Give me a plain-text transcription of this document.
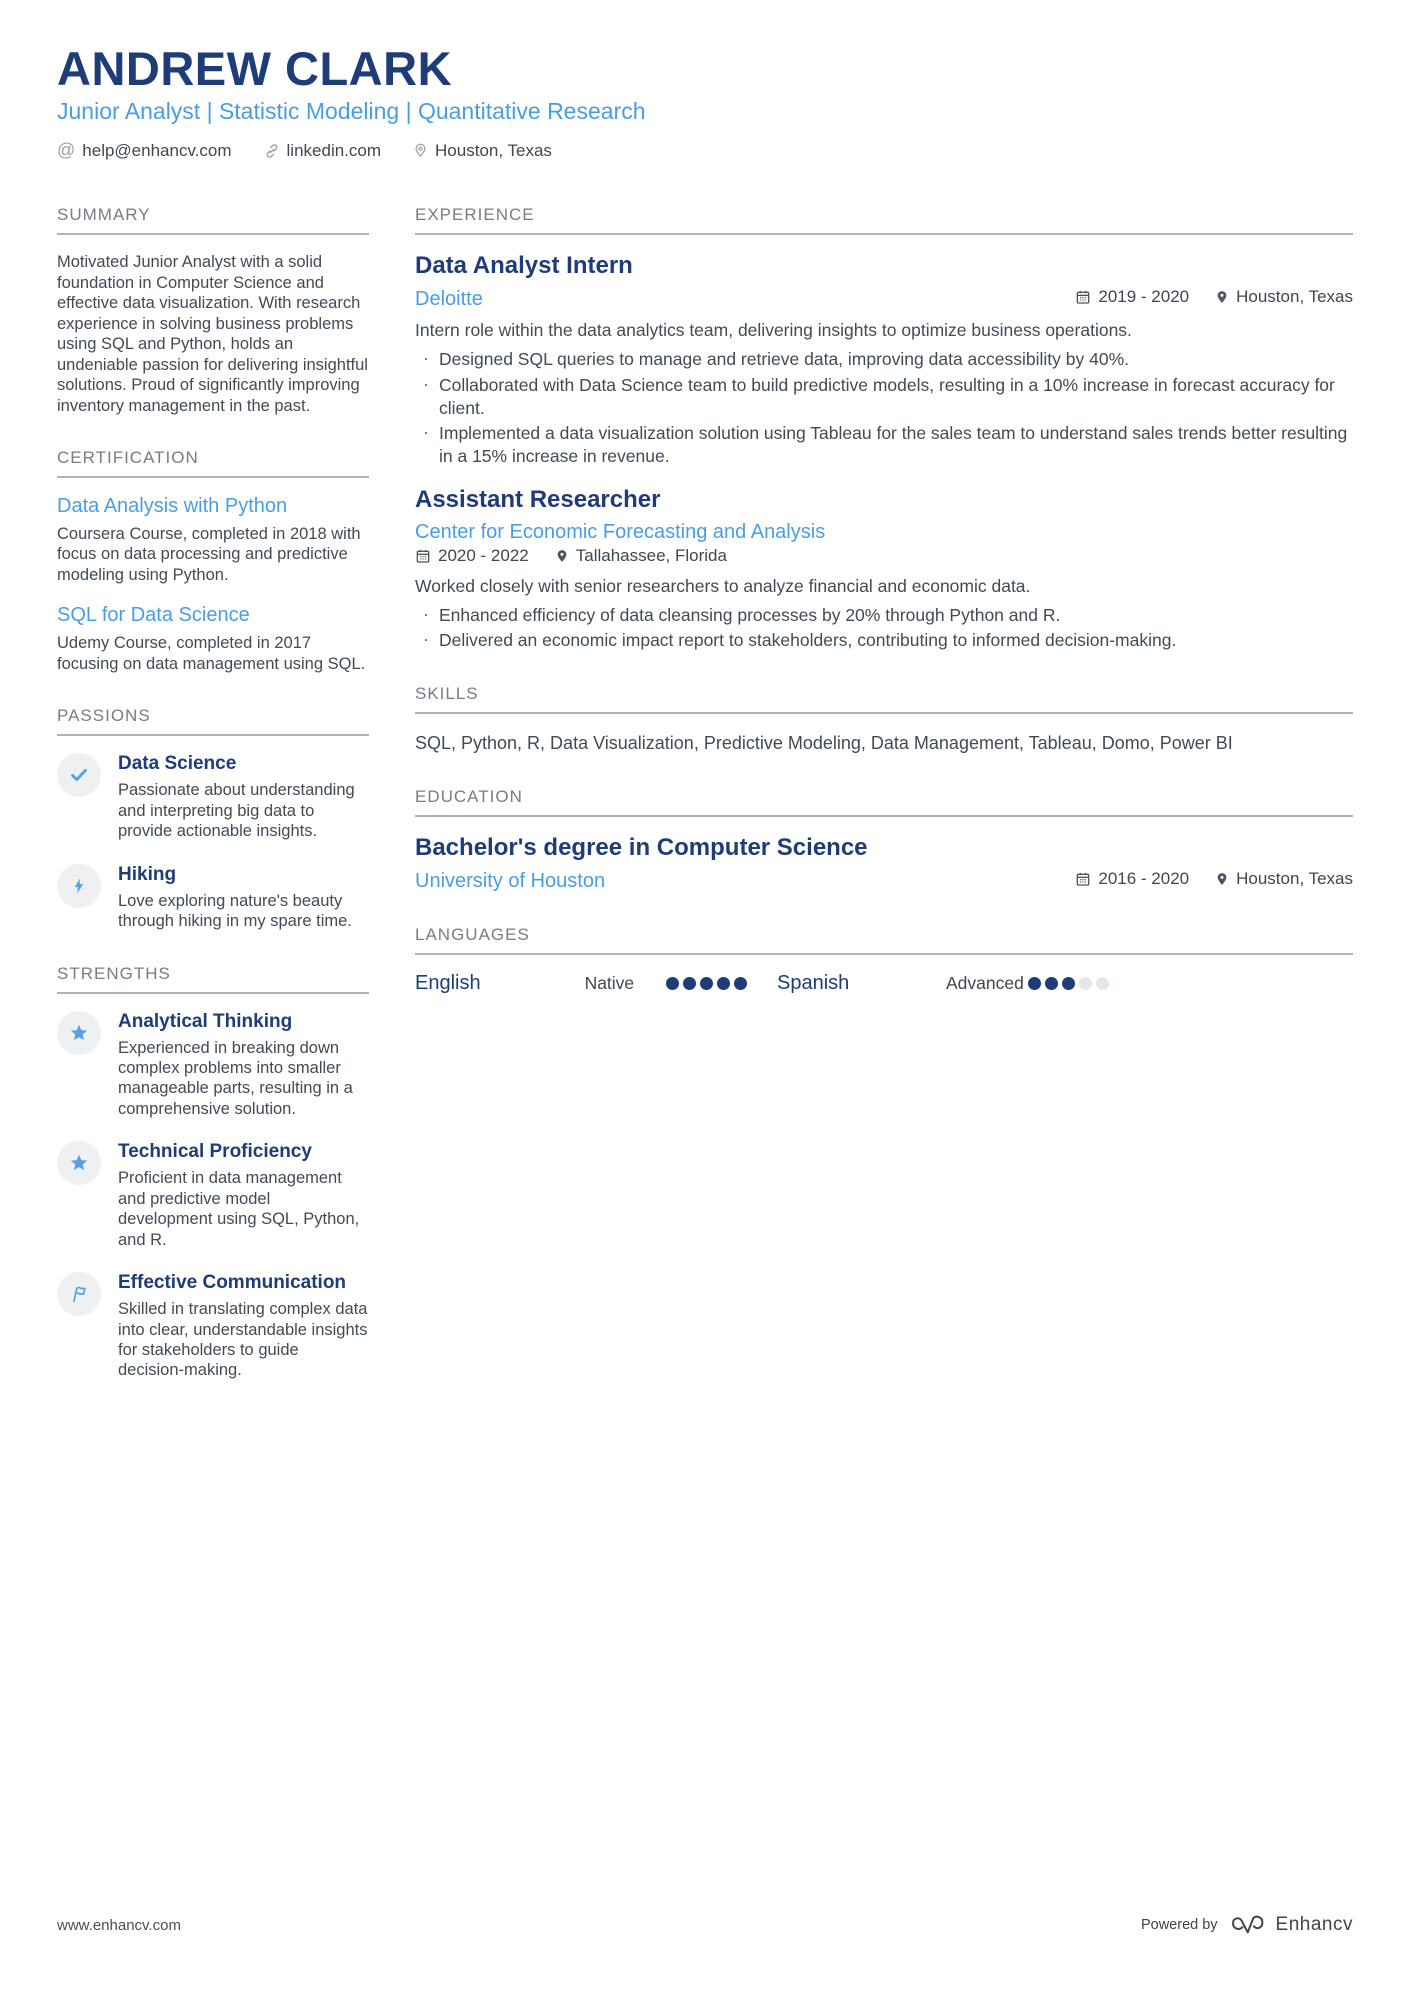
ANDREW CLARK
Junior Analyst | Statistic Modeling | Quantitative Research
@ help@enhancv.com	linkedin.com	Houston, Texas
SUMMARY

Motivated Junior Analyst with a solid foundation in Computer Science and effective data visualization. With research experience in solving business problems using SQL and Python, holds an undeniable passion for delivering insightful solutions. Proud of significantly improving inventory management in the past.

CERTIFICATION
Data Analysis with Python
Coursera Course, completed in 2018 with focus on data processing and predictive modeling using Python.
SQL for Data Science
Udemy Course, completed in 2017 focusing on data management using SQL.
PASSIONS
Data Science
Passionate about understanding and interpreting big data to provide actionable insights.
Hiking
Love exploring nature's beauty through hiking in my spare time.
STRENGTHS
Analytical Thinking
Experienced in breaking down complex problems into smaller manageable parts, resulting in a comprehensive solution.
Technical Proficiency
Proficient in data management and predictive model development using SQL, Python, and R.
Effective Communication
Skilled in translating complex data into clear, understandable insights for stakeholders to guide decision-making.
EXPERIENCE
Data Analyst Intern
Deloitte	2019 - 2020	Houston, Texas

Intern role within the data analytics team, delivering insights to optimize business operations.

· Designed SQL queries to manage and retrieve data, improving data accessibility by 40%.
· Collaborated with Data Science team to build predictive models, resulting in a 10% increase in forecast accuracy for client.
· Implemented a data visualization solution using Tableau for the sales team to understand sales trends better resulting in a 15% increase in revenue.
Assistant Researcher
Center for Economic Forecasting and Analysis
2020 - 2022	Tallahassee, Florida

Worked closely with senior researchers to analyze financial and economic data.

· Enhanced efficiency of data cleansing processes by 20% through Python and R.
· Delivered an economic impact report to stakeholders, contributing to informed decision-making.
SKILLS

SQL, Python, R, Data Visualization, Predictive Modeling, Data Management, Tableau, Domo, Power BI

EDUCATION
Bachelor's degree in Computer Science
University of Houston	2016 - 2020	Houston, Texas
LANGUAGES
English	Native	Spanish	Advanced
www.enhancv.com	Powered by	Enhancv
